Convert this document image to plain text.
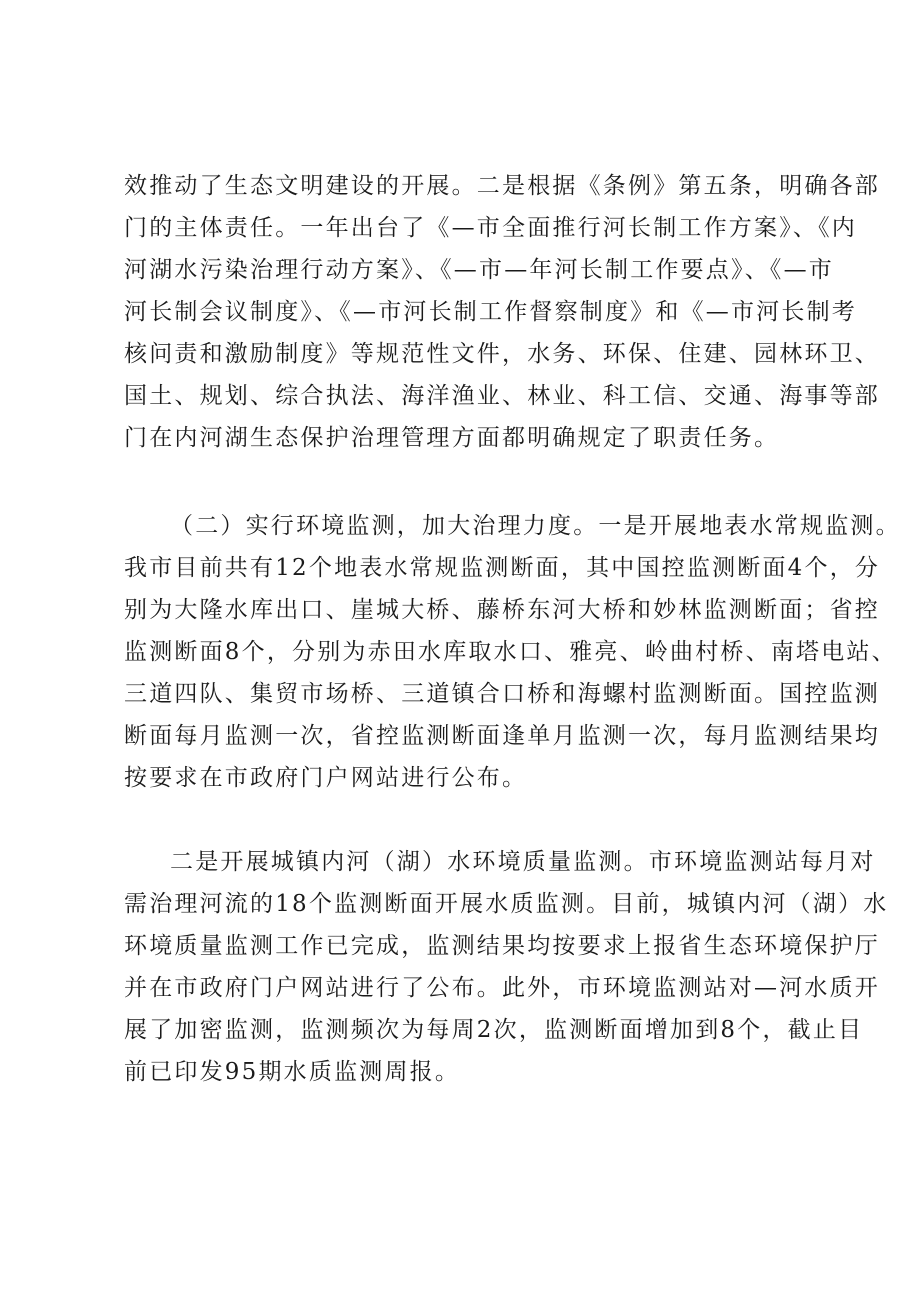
效推动了生态文明建设的开展。二是根据《条例》第五条，明确各部
门的主体责任。一年出台了《—市全面推行河长制工作方案》、《内
河湖水污染治理行动方案》、《—市—年河长制工作要点》、《—市
河长制会议制度》、《—市河长制工作督察制度》和《—市河长制考
核问责和激励制度》等规范性文件，水务、环保、住建、园林环卫、
国土、规划、综合执法、海洋渔业、林业、科工信、交通、海事等部
门在内河湖生态保护治理管理方面都明确规定了职责任务。
（二）实行环境监测，加大治理力度。一是开展地表水常规监测。
我市目前共有12个地表水常规监测断面，其中国控监测断面4个，分
别为大隆水库出口、崖城大桥、藤桥东河大桥和妙林监测断面；省控
监测断面8个，分别为赤田水库取水口、雅亮、岭曲村桥、南塔电站、
三道四队、集贸市场桥、三道镇合口桥和海螺村监测断面。国控监测
断面每月监测一次，省控监测断面逢单月监测一次，每月监测结果均
按要求在市政府门户网站进行公布。
二是开展城镇内河（湖）水环境质量监测。市环境监测站每月对
需治理河流的18个监测断面开展水质监测。目前，城镇内河（湖）水
环境质量监测工作已完成，监测结果均按要求上报省生态环境保护厅
并在市政府门户网站进行了公布。此外，市环境监测站对—河水质开
展了加密监测，监测频次为每周2次，监测断面增加到8个，截止目
前已印发95期水质监测周报。
